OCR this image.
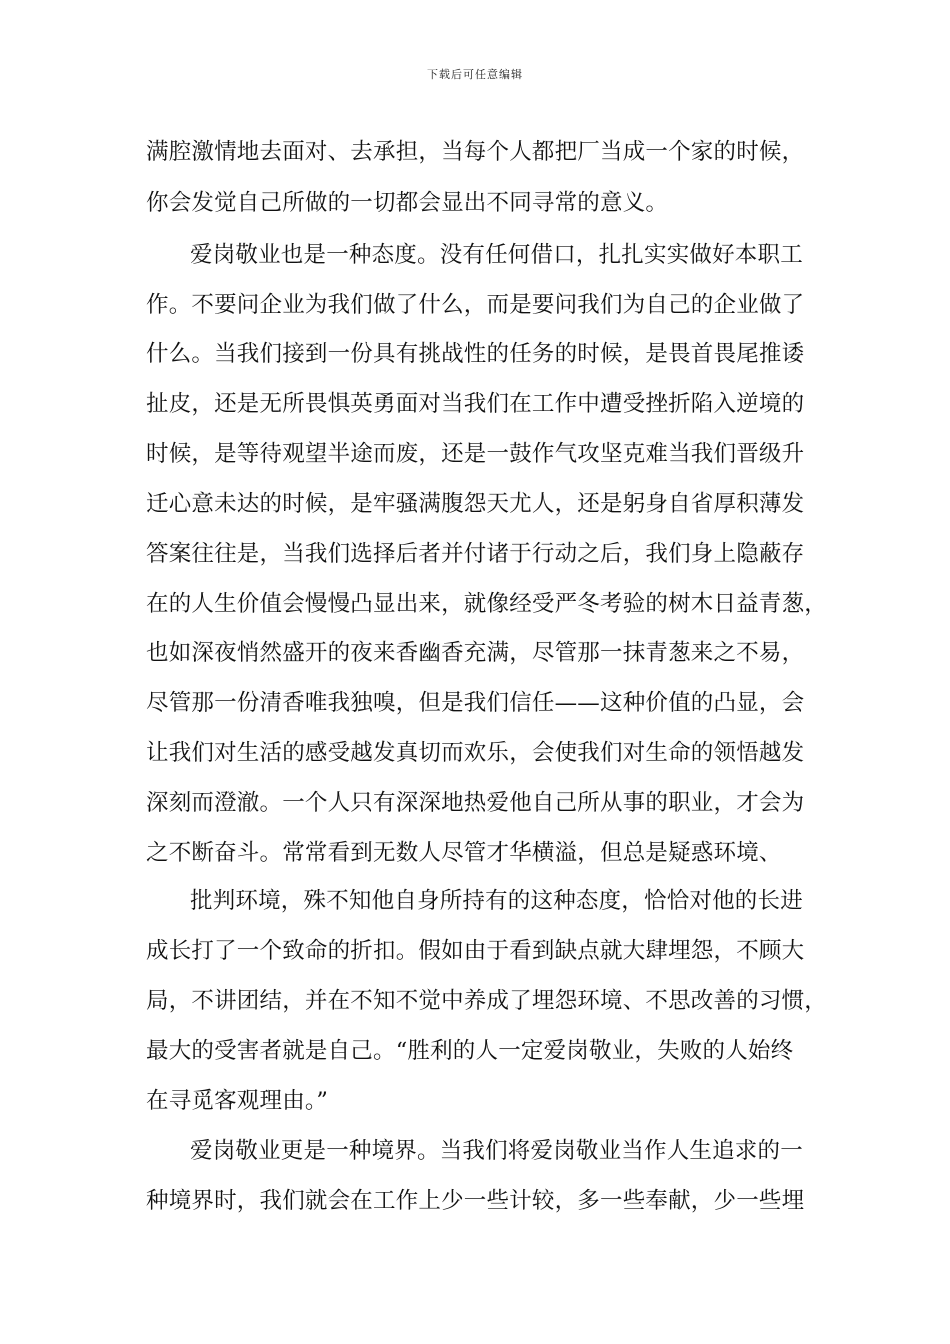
下载后可任意编辑
满腔激情地去面对、去承担，当每个人都把厂当成一个家的时候，
你会发觉自己所做的一切都会显出不同寻常的意义。
爱岗敬业也是一种态度。没有任何借口，扎扎实实做好本职工
作。不要问企业为我们做了什么，而是要问我们为自己的企业做了
什么。当我们接到一份具有挑战性的任务的时候，是畏首畏尾推诿
扯皮，还是无所畏惧英勇面对当我们在工作中遭受挫折陷入逆境的
时候，是等待观望半途而废，还是一鼓作气攻坚克难当我们晋级升
迁心意未达的时候，是牢骚满腹怨天尤人，还是躬身自省厚积薄发
答案往往是，当我们选择后者并付诸于行动之后，我们身上隐蔽存
在的人生价值会慢慢凸显出来，就像经受严冬考验的树木日益青葱，
也如深夜悄然盛开的夜来香幽香充满，尽管那一抹青葱来之不易，
尽管那一份清香唯我独嗅，但是我们信任——这种价值的凸显，会
让我们对生活的感受越发真切而欢乐，会使我们对生命的领悟越发
深刻而澄澈。一个人只有深深地热爱他自己所从事的职业，才会为
之不断奋斗。常常看到无数人尽管才华横溢，但总是疑惑环境、
批判环境，殊不知他自身所持有的这种态度，恰恰对他的长进
成长打了一个致命的折扣。假如由于看到缺点就大肆埋怨，不顾大
局，不讲团结，并在不知不觉中养成了埋怨环境、不思改善的习惯，
最大的受害者就是自己。“胜利的人一定爱岗敬业，失败的人始终
在寻觅客观理由。”
爱岗敬业更是一种境界。当我们将爱岗敬业当作人生追求的一
种境界时，我们就会在工作上少一些计较，多一些奉献，少一些埋
